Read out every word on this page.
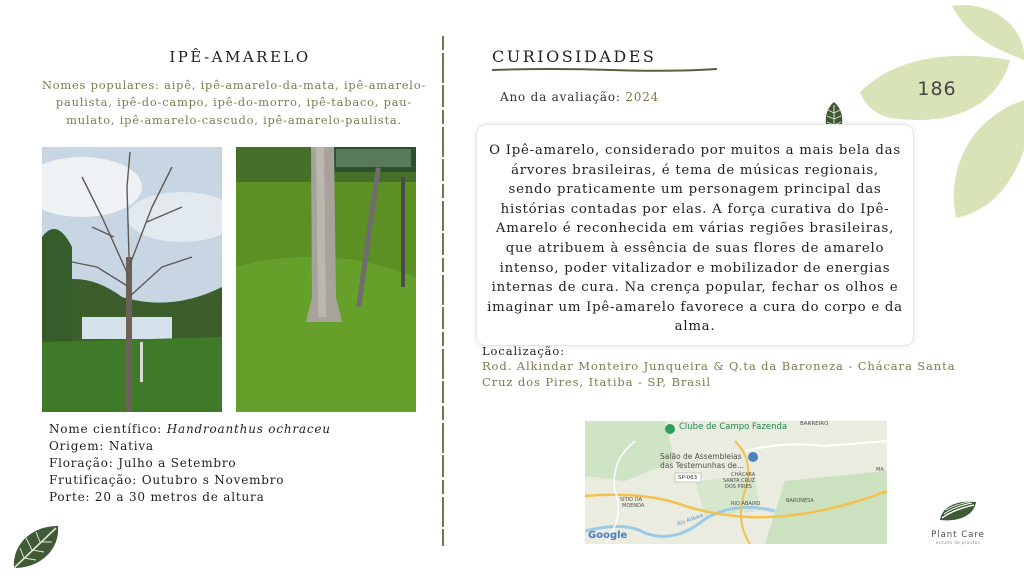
IPÊ-AMARELO
Nomes populares: aipê, ipê-amarelo-da-mata, ipê-amarelo-paulista, ipê-do-campo, ipê-do-morro, ipê-tabaco, pau-mulato, ipê-amarelo-cascudo, ipê-amarelo-paulista.
Nome científico: Handroanthus ochraceu
Origem: Nativa
Floração: Julho a Setembro
Frutificação: Outubro s Novembro
Porte: 20 a 30 metros de altura
CURIOSIDADES
Ano da avaliação: 2024	186
O Ipê-amarelo, considerado por muitos a mais bela das árvores brasileiras, é tema de músicas regionais, sendo praticamente um personagem principal das histórias contadas por elas. A força curativa do Ipê-Amarelo é reconhecida em várias regiões brasileiras, que atribuem à essência de suas flores de amarelo intenso, poder vitalizador e mobilizador de energias internas de cura. Na crença popular, fechar os olhos e imaginar um Ipê-amarelo favorece a cura do corpo e da alma.
Localização:
Rod. Alkindar Monteiro Junqueira & Q.ta da Baroneza - Chácara Santa Cruz dos Pires, Itatiba - SP, Brasil
Clube de Campo Fazenda BARREIRO
Salão de Assembleias
das Testemunhas de...
SP-063	CHÁCARA
SANTA CRUZ
DOS PIRES
SÍTIO DA
MOENDA
BARONESA
RIO ABAIXO
Rio Atibaia
MA
Google	Plant Care
estudo de plantas
